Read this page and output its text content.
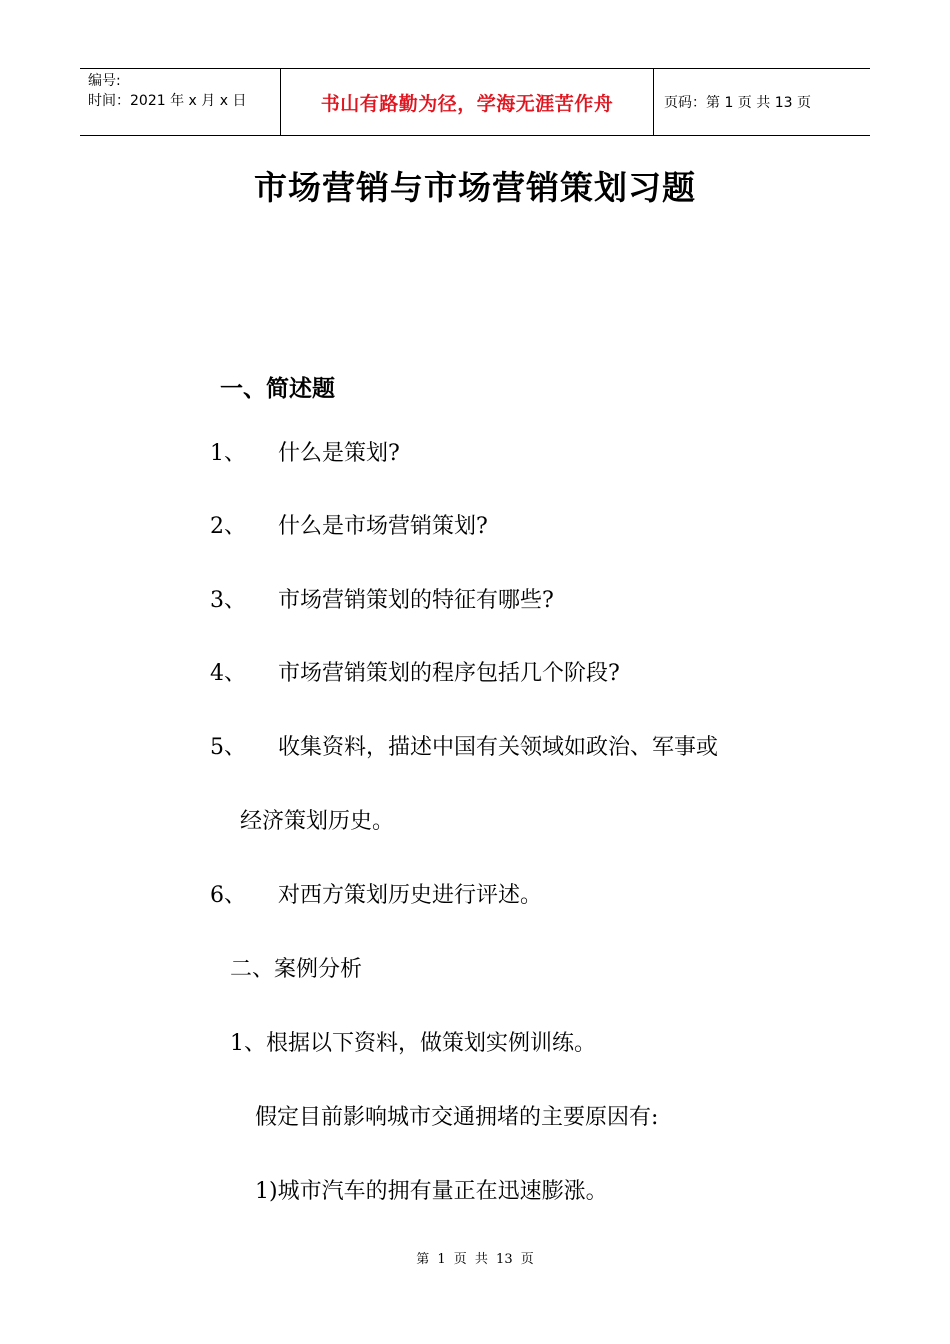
编号:
时间：2021 年 x 月 x 日	书山有路勤为径，学海无涯苦作舟	页码：第 1 页 共 13 页
市场营销与市场营销策划习题
一、简述题
1、 什么是策划?
2、 什么是市场营销策划?
3、 市场营销策划的特征有哪些?
4、 市场营销策划的程序包括几个阶段?
5、 收集资料，描述中国有关领域如政治、军事或
经济策划历史。
6、 对西方策划历史进行评述。
二、案例分析
1、根据以下资料，做策划实例训练。
假定目前影响城市交通拥堵的主要原因有:
1)城市汽车的拥有量正在迅速膨涨。
第 1 页 共 13 页
